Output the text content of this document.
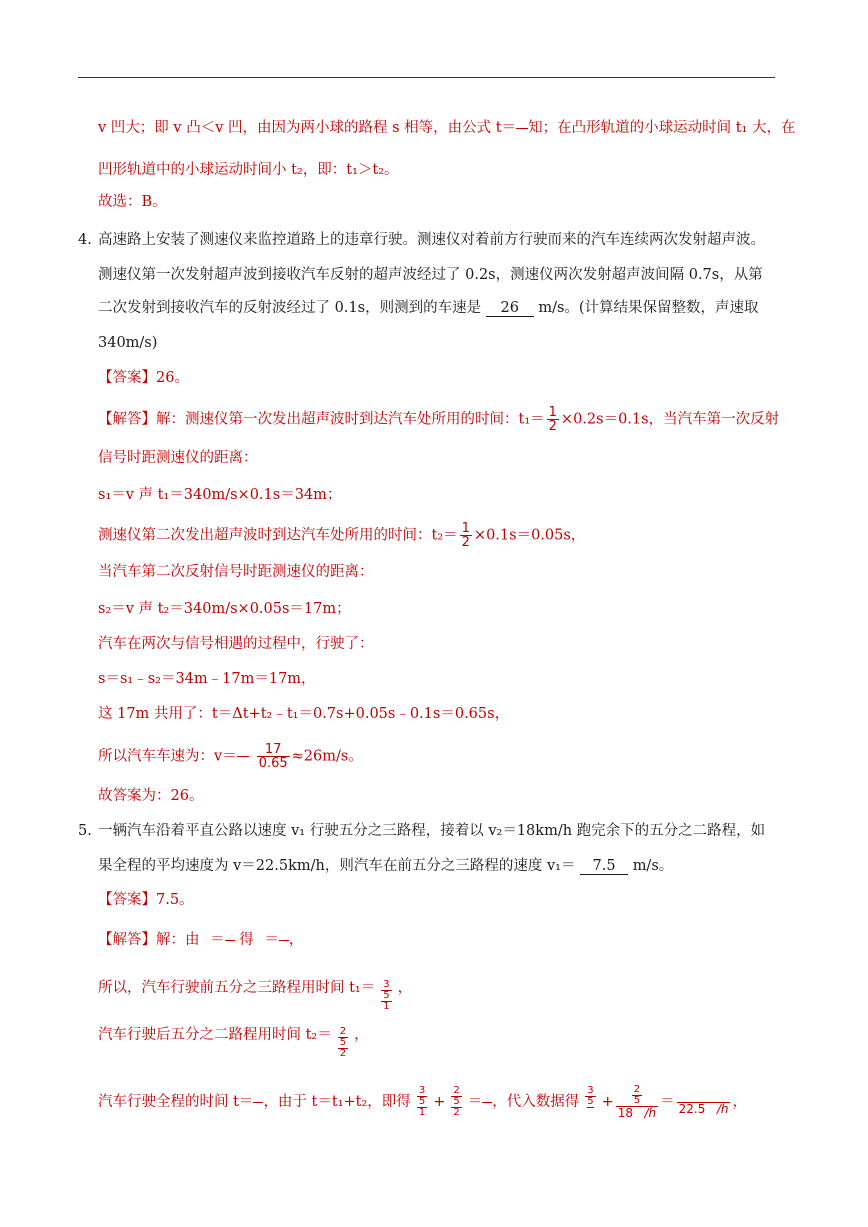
v 凹大；即 v 凸＜v 凹，由因为两小球的路程 s 相等，由公式 t＝ 知；在凸形轨道的小球运动时间 t₁ 大，在
凹形轨道中的小球运动时间小 t₂，即：t₁＞t₂。
故选：B。
4. 高速路上安装了测速仪来监控道路上的违章行驶。测速仪对着前方行驶而来的汽车连续两次发射超声波。
测速仪第一次发射超声波到接收汽车反射的超声波经过了 0.2s，测速仪两次发射超声波间隔 0.7s，从第
二次发射到接收汽车的反射波经过了 0.1s，则测到的车速是 26 m/s。(计算结果保留整数，声速取
340m/s)
【答案】26。
【解答】解：测速仪第一次发出超声波时到达汽车处所用的时间：$t_1= \frac{1}{2} \times 0.2s=0.1s$，当汽车第一次反射
信号时距测速仪的距离：
s₁＝v 声 t₁＝340m/s×0.1s＝34m；
测速仪第二次发出超声波时到达汽车处所用的时间：$t_2= \frac{1}{2} \times 0.1s=0.05s$，
当汽车第二次反射信号时距测速仪的距离：
s₂＝v 声 t₂＝340m/s×0.05s＝17m；
汽车在两次与信号相遇的过程中，行驶了：
s＝s₁﹣s₂＝34m﹣17m＝17m，
这 17m 共用了：t＝Δt+t₂﹣t₁＝0.7s+0.05s﹣0.1s＝0.65s，
所以汽车车速为：$v= \frac{17}{0.65} \approx 26m/s$。
故答案为：26。
5. 一辆汽车沿着平直公路以速度 v₁ 行驶五分之三路程，接着以 v₂＝18km/h 跑完余下的五分之二路程，如
果全程的平均速度为 v＝22.5km/h，则汽车在前五分之三路程的速度 v₁＝ 7.5 m/s。
【答案】7.5。
【解答】解：由 ＝ 得 ＝ ，
所以，汽车行驶前五分之三路程用时间 $t_1= \frac{\frac{3}{5}}{1}$ ，
汽车行驶后五分之二路程用时间 $t_2= \frac{\frac{2}{5}}{2}$ ，
汽车行驶全程的时间 t＝ ，由于 t＝t₁+t₂，即得 $\frac{\frac{3}{5}}{1} + \frac{\frac{2}{5}}{2}$ ＝ ，代入数据得 $\frac{3}{5}$
+ $\frac{\frac{2}{5}}{18 /h}$ ＝
22.5 /h ，
